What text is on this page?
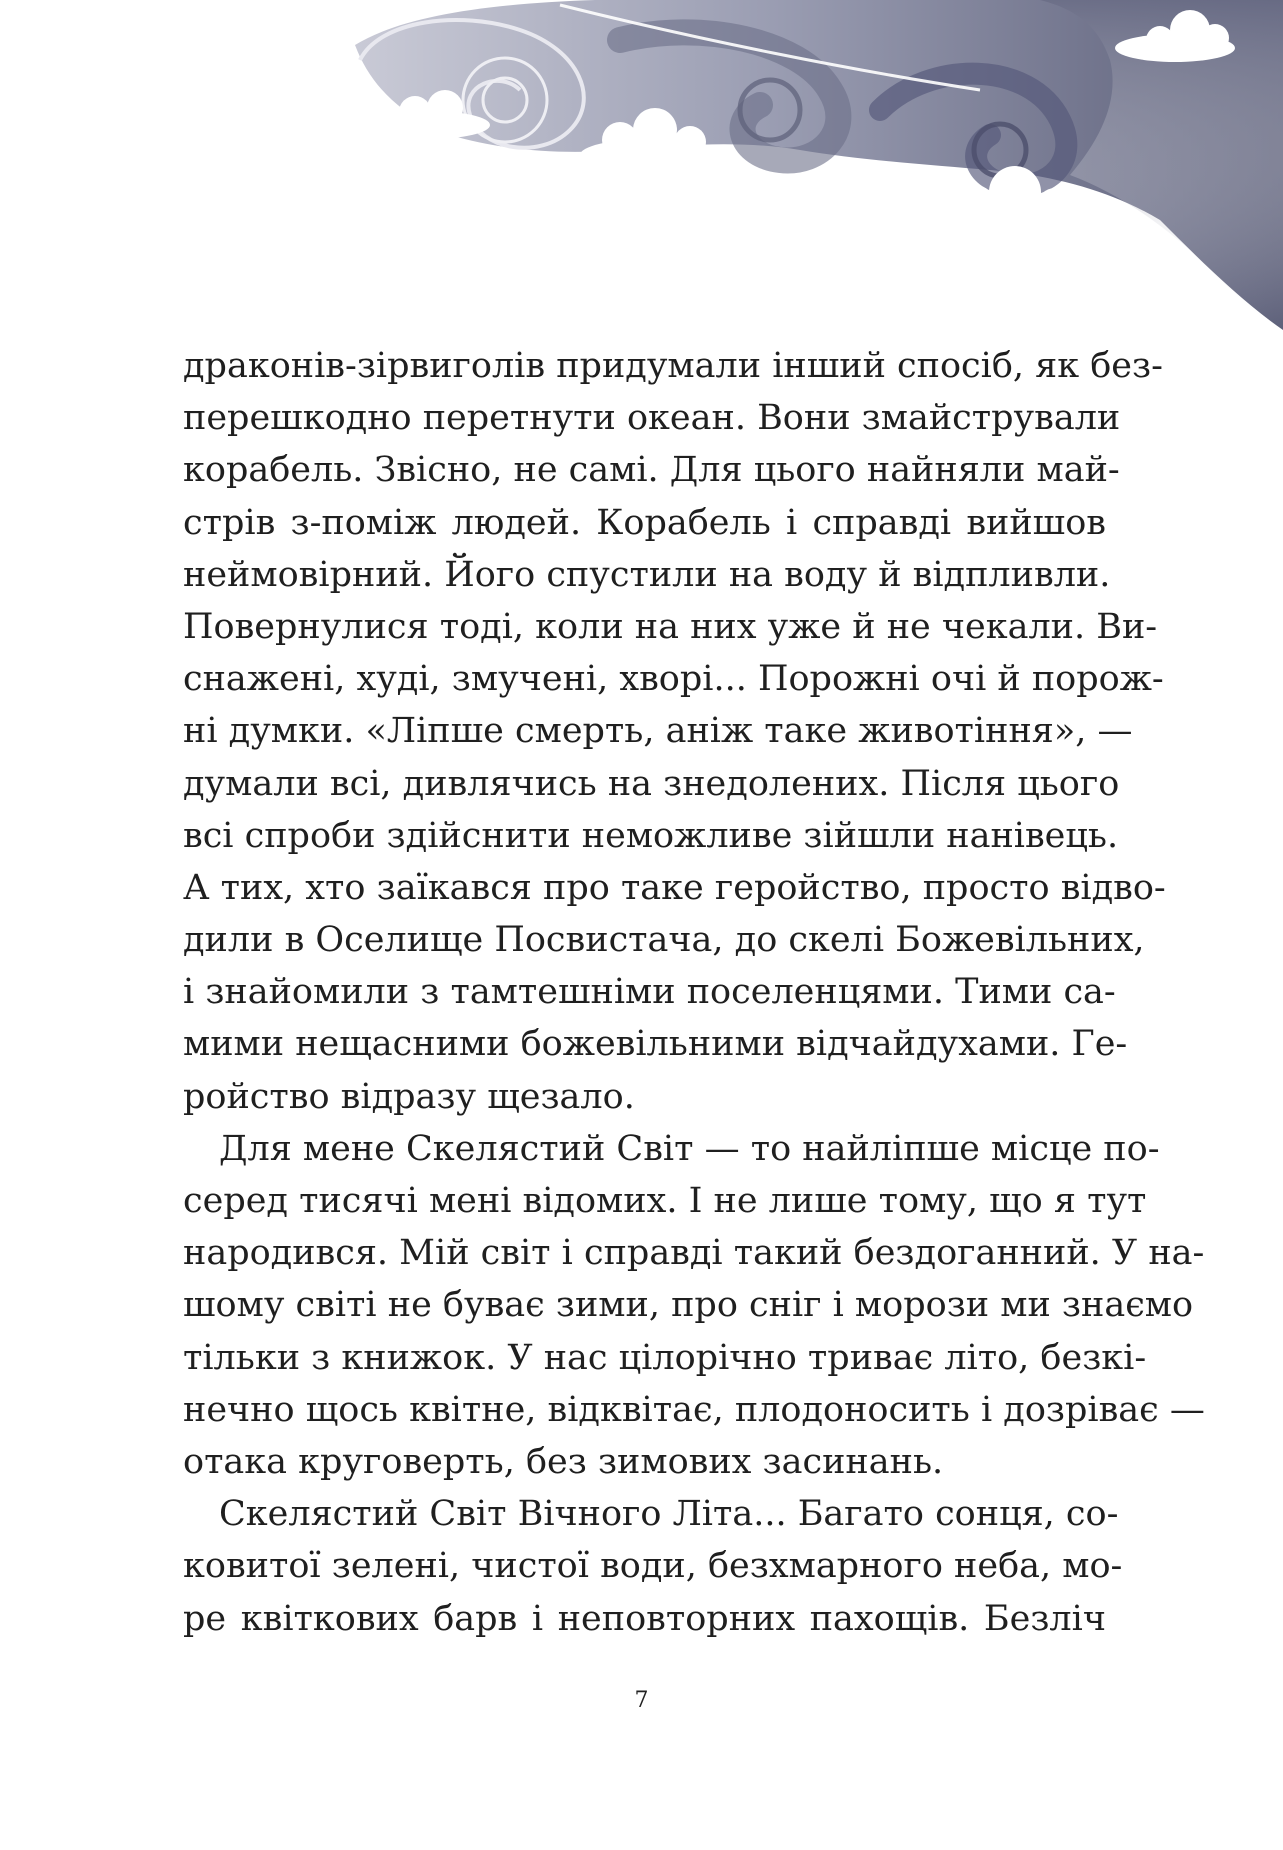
драконів-зірвиголів придумали інший спосіб, як без-
перешкодно перетнути океан. Вони змайстрували
корабель. Звісно, не самі. Для цього найняли май-
стрів з-поміж людей. Корабель і справді вийшов
неймовірний. Його спустили на воду й відпливли.
Повернулися тоді, коли на них уже й не чекали. Ви-
снажені, худі, змучені, хворі... Порожні очі й порож-
ні думки. «Ліпше смерть, аніж таке животіння», —
думали всі, дивлячись на знедолених. Після цього
всі спроби здійснити неможливе зійшли нанівець.
А тих, хто заїкався про таке геройство, просто відво-
дили в Оселище Посвистача, до скелі Божевільних,
і знайомили з тамтешніми поселенцями. Тими са-
мими нещасними божевільними відчайдухами. Ге-
ройство відразу щезало.
Для мене Скелястий Світ — то найліпше місце по-
серед тисячі мені відомих. І не лише тому, що я тут
народився. Мій світ і справді такий бездоганний. У на-
шому світі не буває зими, про сніг і морози ми знаємо
тільки з книжок. У нас цілорічно триває літо, безкі-
нечно щось квітне, відквітає, плодоносить і дозріває —
отака круговерть, без зимових засинань.
Скелястий Світ Вічного Літа... Багато сонця, со-
ковитої зелені, чистої води, безхмарного неба, мо-
ре квіткових барв і неповторних пахощів. Безліч
7
